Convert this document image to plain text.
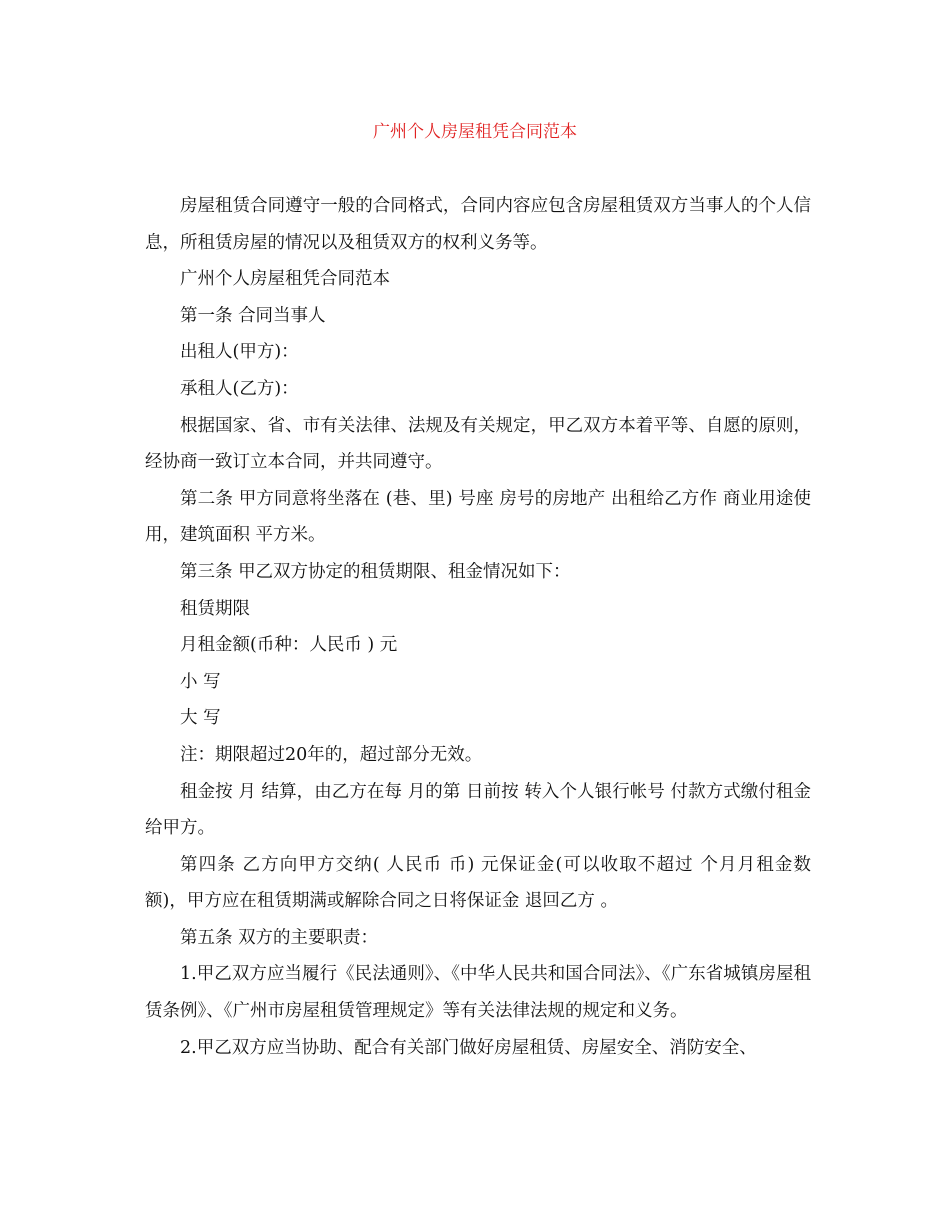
广州个人房屋租凭合同范本

房屋租赁合同遵守一般的合同格式，合同内容应包含房屋租赁双方当事人的个人信息，所租赁房屋的情况以及租赁双方的权利义务等。

广州个人房屋租凭合同范本

第一条 合同当事人

出租人(甲方)：

承租人(乙方)：

根据国家、省、市有关法律、法规及有关规定，甲乙双方本着平等、自愿的原则，经协商一致订立本合同，并共同遵守。

第二条 甲方同意将坐落在 (巷、里) 号座 房号的房地产 出租给乙方作 商业用途使用，建筑面积 平方米。

第三条 甲乙双方协定的租赁期限、租金情况如下：

租赁期限

月租金额(币种：人民币 ) 元

小 写

大 写

注：期限超过20年的，超过部分无效。

租金按 月 结算，由乙方在每 月的第 日前按 转入个人银行帐号 付款方式缴付租金给甲方。

第四条 乙方向甲方交纳( 人民币 币) 元保证金(可以收取不超过 个月月租金数额)，甲方应在租赁期满或解除合同之日将保证金 退回乙方 。

第五条 双方的主要职责：

1.甲乙双方应当履行《民法通则》、《中华人民共和国合同法》、《广东省城镇房屋租赁条例》、《广州市房屋租赁管理规定》等有关法律法规的规定和义务。

2.甲乙双方应当协助、配合有关部门做好房屋租赁、房屋安全、消防安全、
